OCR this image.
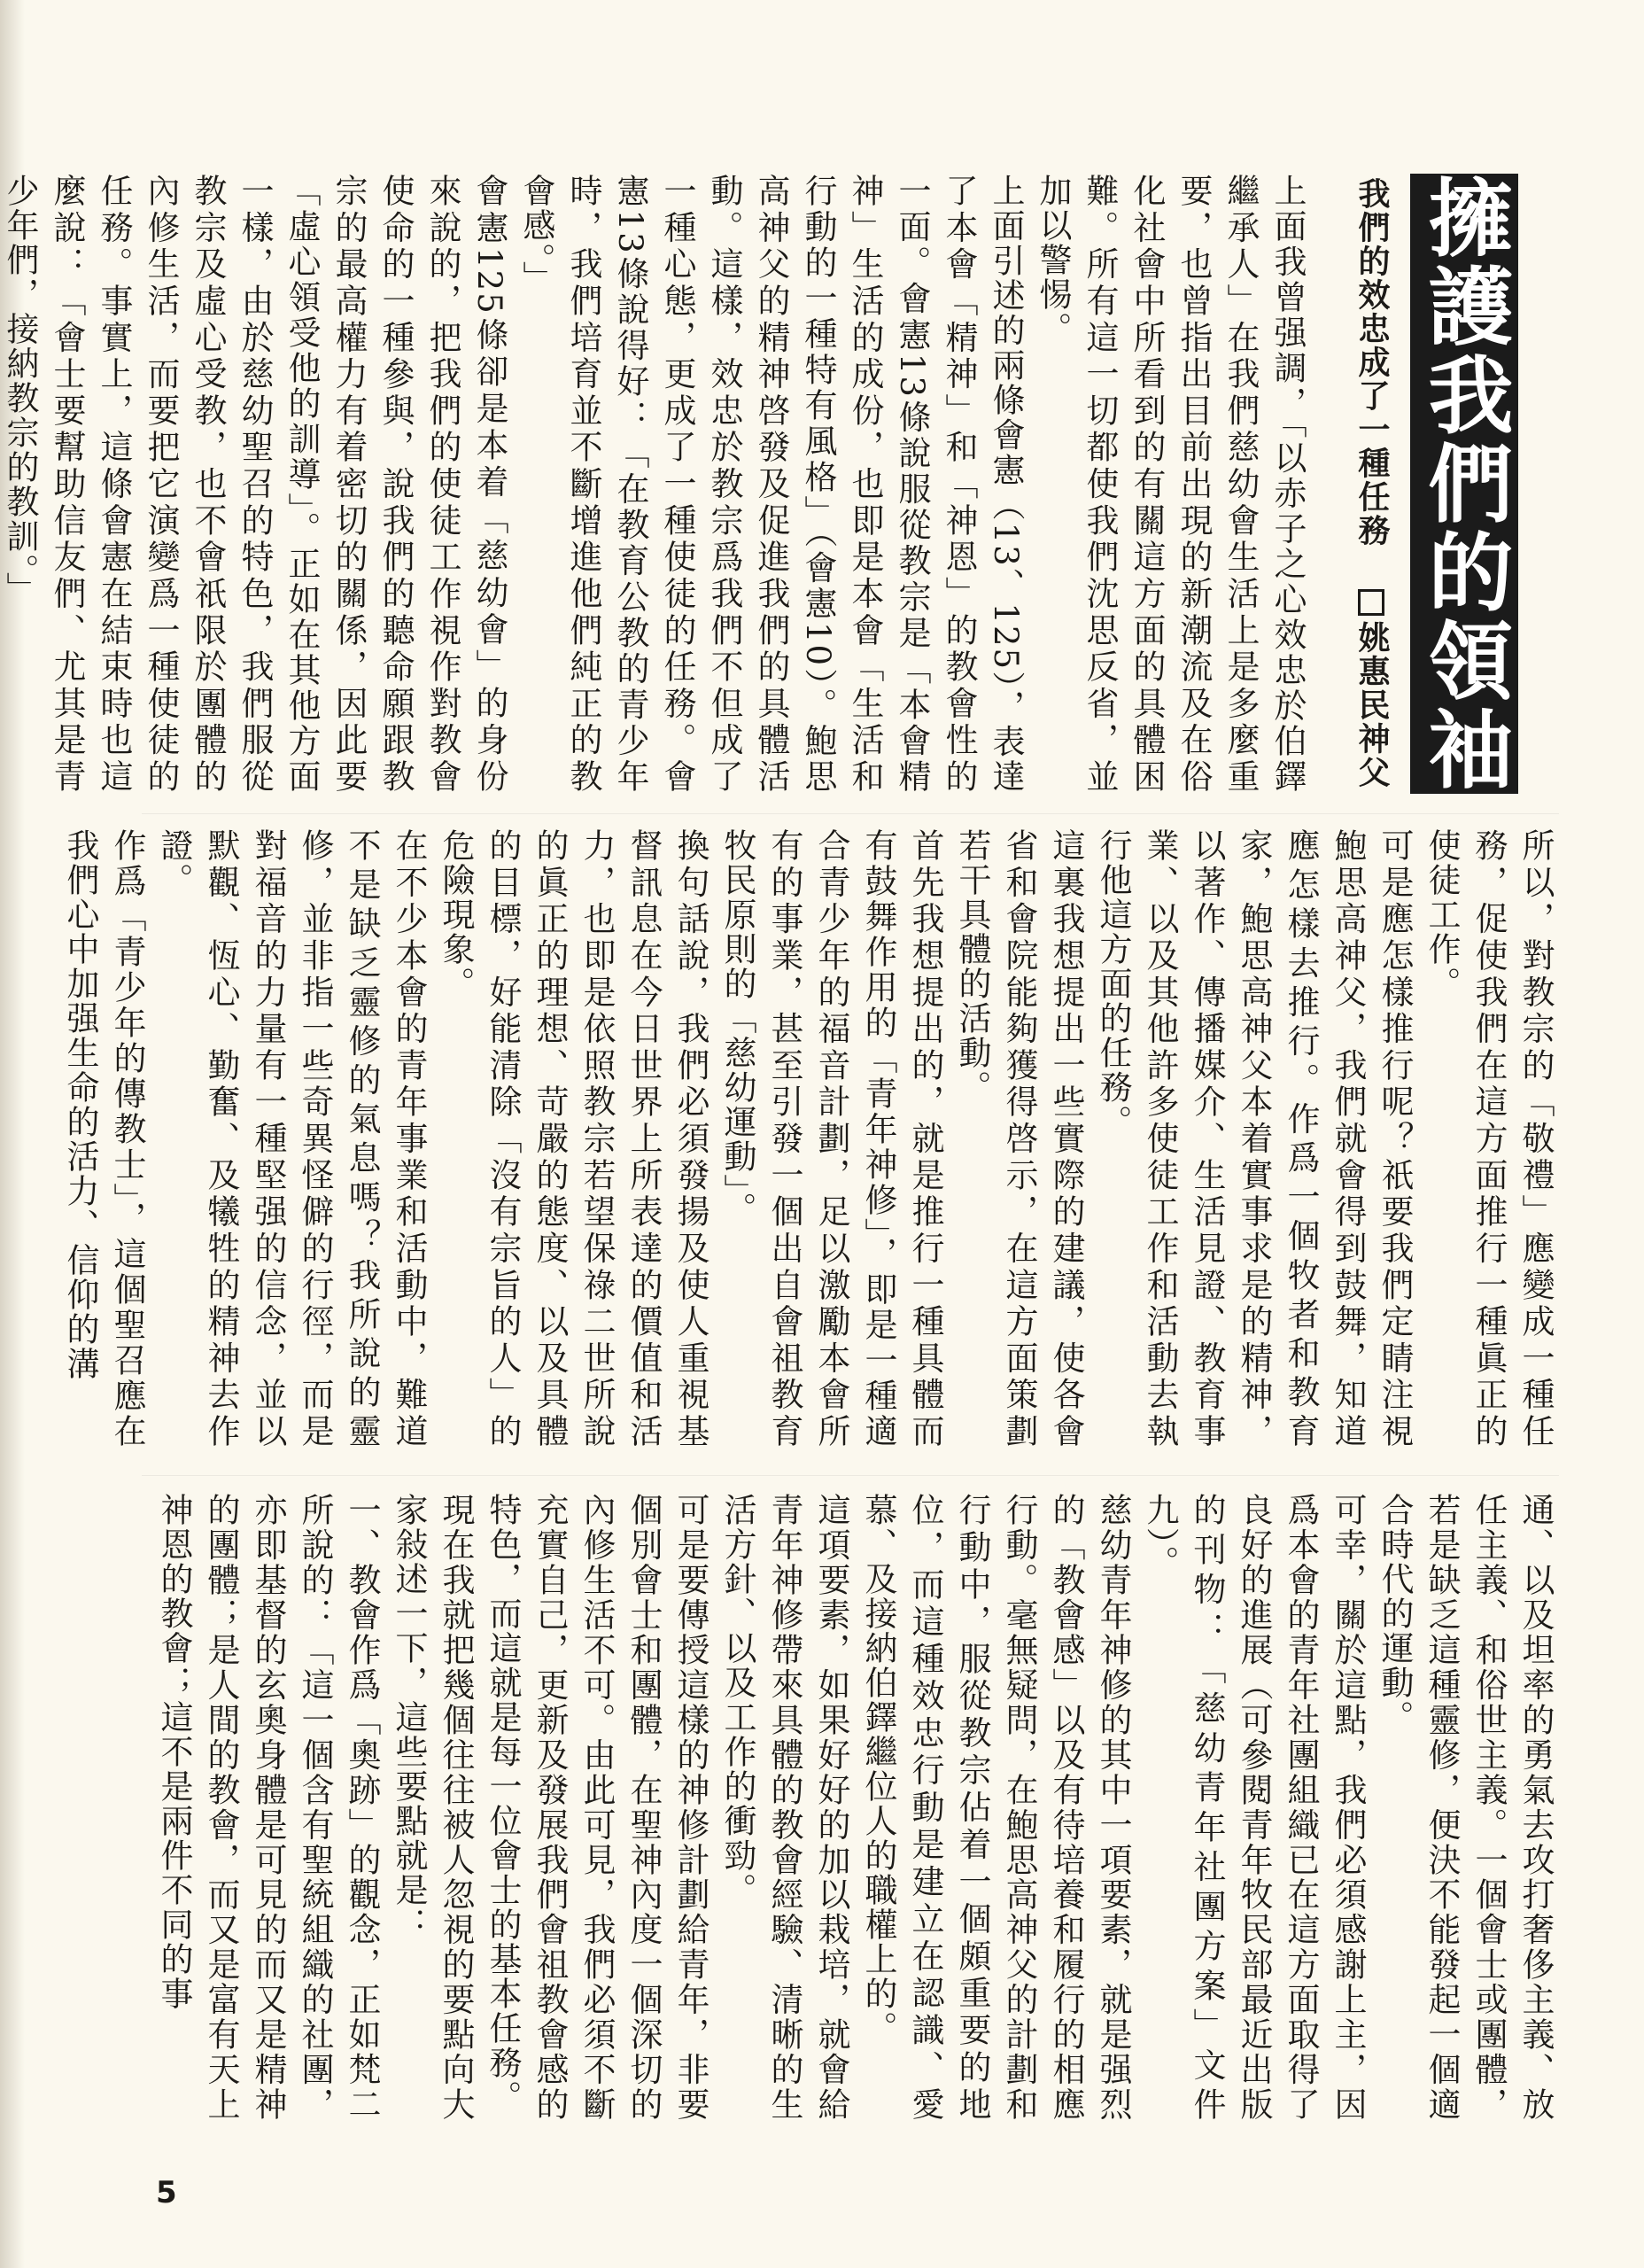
擁護我們的領袖
我們的效忠成了一種任務 姚惠民神父
上面我曾强調，「以赤子之心效忠於伯鐸繼承人」在我們慈幼會生活上是多麼重要，也曾指出目前出現的新潮流及在俗化社會中所看到的有關這方面的具體困難。所有這一切都使我們沈思反省，並加以警惕。
上面引述的兩條會憲（13、125），表達了本會「精神」和「神恩」的教會性的一面。會憲13條說服從教宗是「本會精神」生活的成份，也即是本會「生活和行動的一種特有風格」（會憲10）。鮑思高神父的精神啓發及促進我們的具體活動。這樣，效忠於教宗爲我們不但成了一種心態，更成了一種使徒的任務。會憲13條說得好：「在教育公教的青少年時，我們培育並不斷增進他們純正的教會感。」
會憲125條卻是本着「慈幼會」的身份來說的，把我們的使徒工作視作對教會使命的一種參與，說我們的聽命願跟教宗的最高權力有着密切的關係，因此要「虛心領受他的訓導」。正如在其他方面一樣，由於慈幼聖召的特色，我們服從教宗及虛心受教，也不會祇限於團體的內修生活，而要把它演變爲一種使徒的任務。事實上，這條會憲在結束時也這麼說：「會士要幫助信友們、尤其是青少年們，接納教宗的教訓。」
所以，對教宗的「敬禮」應變成一種任務，促使我們在這方面推行一種眞正的使徒工作。
可是應怎樣推行呢？祇要我們定睛注視鮑思高神父，我們就會得到鼓舞，知道應怎樣去推行。作爲一個牧者和教育家，鮑思高神父本着實事求是的精神，以著作、傳播媒介、生活見證、教育事業、以及其他許多使徒工作和活動去執行他這方面的任務。
這裏我想提出一些實際的建議，使各會省和會院能夠獲得啓示，在這方面策劃若干具體的活動。
首先我想提出的，就是推行一種具體而有鼓舞作用的「青年神修」，即是一種適合青少年的福音計劃，足以激勵本會所有的事業，甚至引發一個出自會祖教育牧民原則的「慈幼運動」。
換句話說，我們必須發揚及使人重視基督訊息在今日世界上所表達的價值和活力，也即是依照教宗若望保祿二世所說的眞正的理想、苛嚴的態度、以及具體的目標，好能清除「沒有宗旨的人」的危險現象。
在不少本會的青年事業和活動中，難道不是缺乏靈修的氣息嗎？我所說的靈修，並非指一些奇異怪僻的行徑，而是對福音的力量有一種堅强的信念，並以默觀、恆心、勤奮、及犧牲的精神去作證。
作爲「青少年的傳教士」，這個聖召應在我們心中加强生命的活力、信仰的溝
通、以及坦率的勇氣去攻打奢侈主義、放任主義、和俗世主義。一個會士或團體，若是缺乏這種靈修，便決不能發起一個適合時代的運動。
可幸，關於這點，我們必須感謝上主，因爲本會的青年社團組織已在這方面取得了良好的進展（可參閱青年牧民部最近出版的刊物：「慈幼青年社團方案」文件九）。
慈幼青年神修的其中一項要素，就是强烈的「教會感」以及有待培養和履行的相應行動。毫無疑問，在鮑思高神父的計劃和行動中，服從教宗佔着一個頗重要的地位，而這種效忠行動是建立在認識、愛慕、及接納伯鐸繼位人的職權上的。
這項要素，如果好好的加以栽培，就會給青年神修帶來具體的教會經驗、清晰的生活方針、以及工作的衝勁。
可是要傳授這樣的神修計劃給青年，非要個別會士和團體，在聖神內度一個深切的內修生活不可。由此可見，我們必須不斷充實自己，更新及發展我們會祖教會感的特色，而這就是每一位會士的基本任務。
現在我就把幾個往往被人忽視的要點向大家敍述一下，這些要點就是：
一、教會作爲「奧跡」的觀念，正如梵二所說的：「這一個含有聖統組織的社團，亦即基督的玄奧身體是可見的而又是精神的團體；是人間的教會，而又是富有天上神恩的教會；這不是兩件不同的事
5
